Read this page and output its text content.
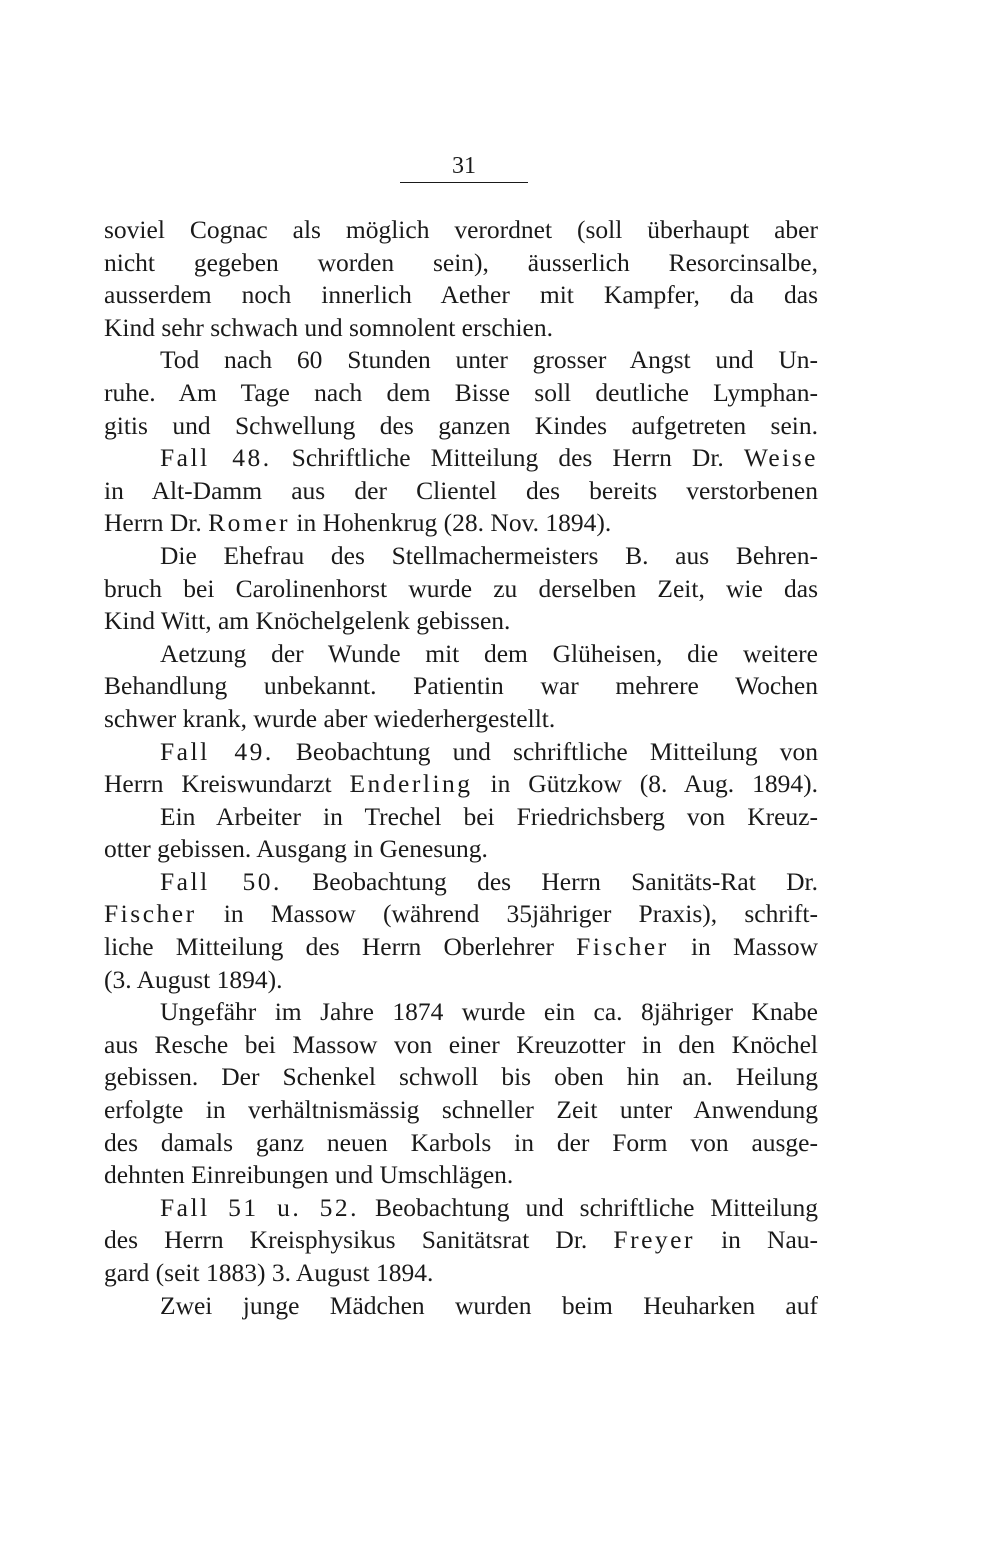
31
soviel Cognac als möglich verordnet (soll überhaupt aber
nicht gegeben worden sein), äusserlich Resorcinsalbe,
ausserdem noch innerlich Aether mit Kampfer, da das
Kind sehr schwach und somnolent erschien.
Tod nach 60 Stunden unter grosser Angst und Un-
ruhe. Am Tage nach dem Bisse soll deutliche Lymphan-
gitis und Schwellung des ganzen Kindes aufgetreten sein.
Fall 48. Schriftliche Mitteilung des Herrn Dr. Weise
in Alt-Damm aus der Clientel des bereits verstorbenen
Herrn Dr. Romer in Hohenkrug (28. Nov. 1894).
Die Ehefrau des Stellmachermeisters B. aus Behren-
bruch bei Carolinenhorst wurde zu derselben Zeit, wie das
Kind Witt, am Knöchelgelenk gebissen.
Aetzung der Wunde mit dem Glüheisen, die weitere
Behandlung unbekannt. Patientin war mehrere Wochen
schwer krank, wurde aber wiederhergestellt.
Fall 49. Beobachtung und schriftliche Mitteilung von
Herrn Kreiswundarzt Enderling in Gützkow (8. Aug. 1894).
Ein Arbeiter in Trechel bei Friedrichsberg von Kreuz-
otter gebissen. Ausgang in Genesung.
Fall 50. Beobachtung des Herrn Sanitäts-Rat Dr.
Fischer in Massow (während 35jähriger Praxis), schrift-
liche Mitteilung des Herrn Oberlehrer Fischer in Massow
(3. August 1894).
Ungefähr im Jahre 1874 wurde ein ca. 8jähriger Knabe
aus Resche bei Massow von einer Kreuzotter in den Knöchel
gebissen. Der Schenkel schwoll bis oben hin an. Heilung
erfolgte in verhältnismässig schneller Zeit unter Anwendung
des damals ganz neuen Karbols in der Form von ausge-
dehnten Einreibungen und Umschlägen.
Fall 51 u. 52. Beobachtung und schriftliche Mitteilung
des Herrn Kreisphysikus Sanitätsrat Dr. Freyer in Nau-
gard (seit 1883) 3. August 1894.
Zwei junge Mädchen wurden beim Heuharken auf
